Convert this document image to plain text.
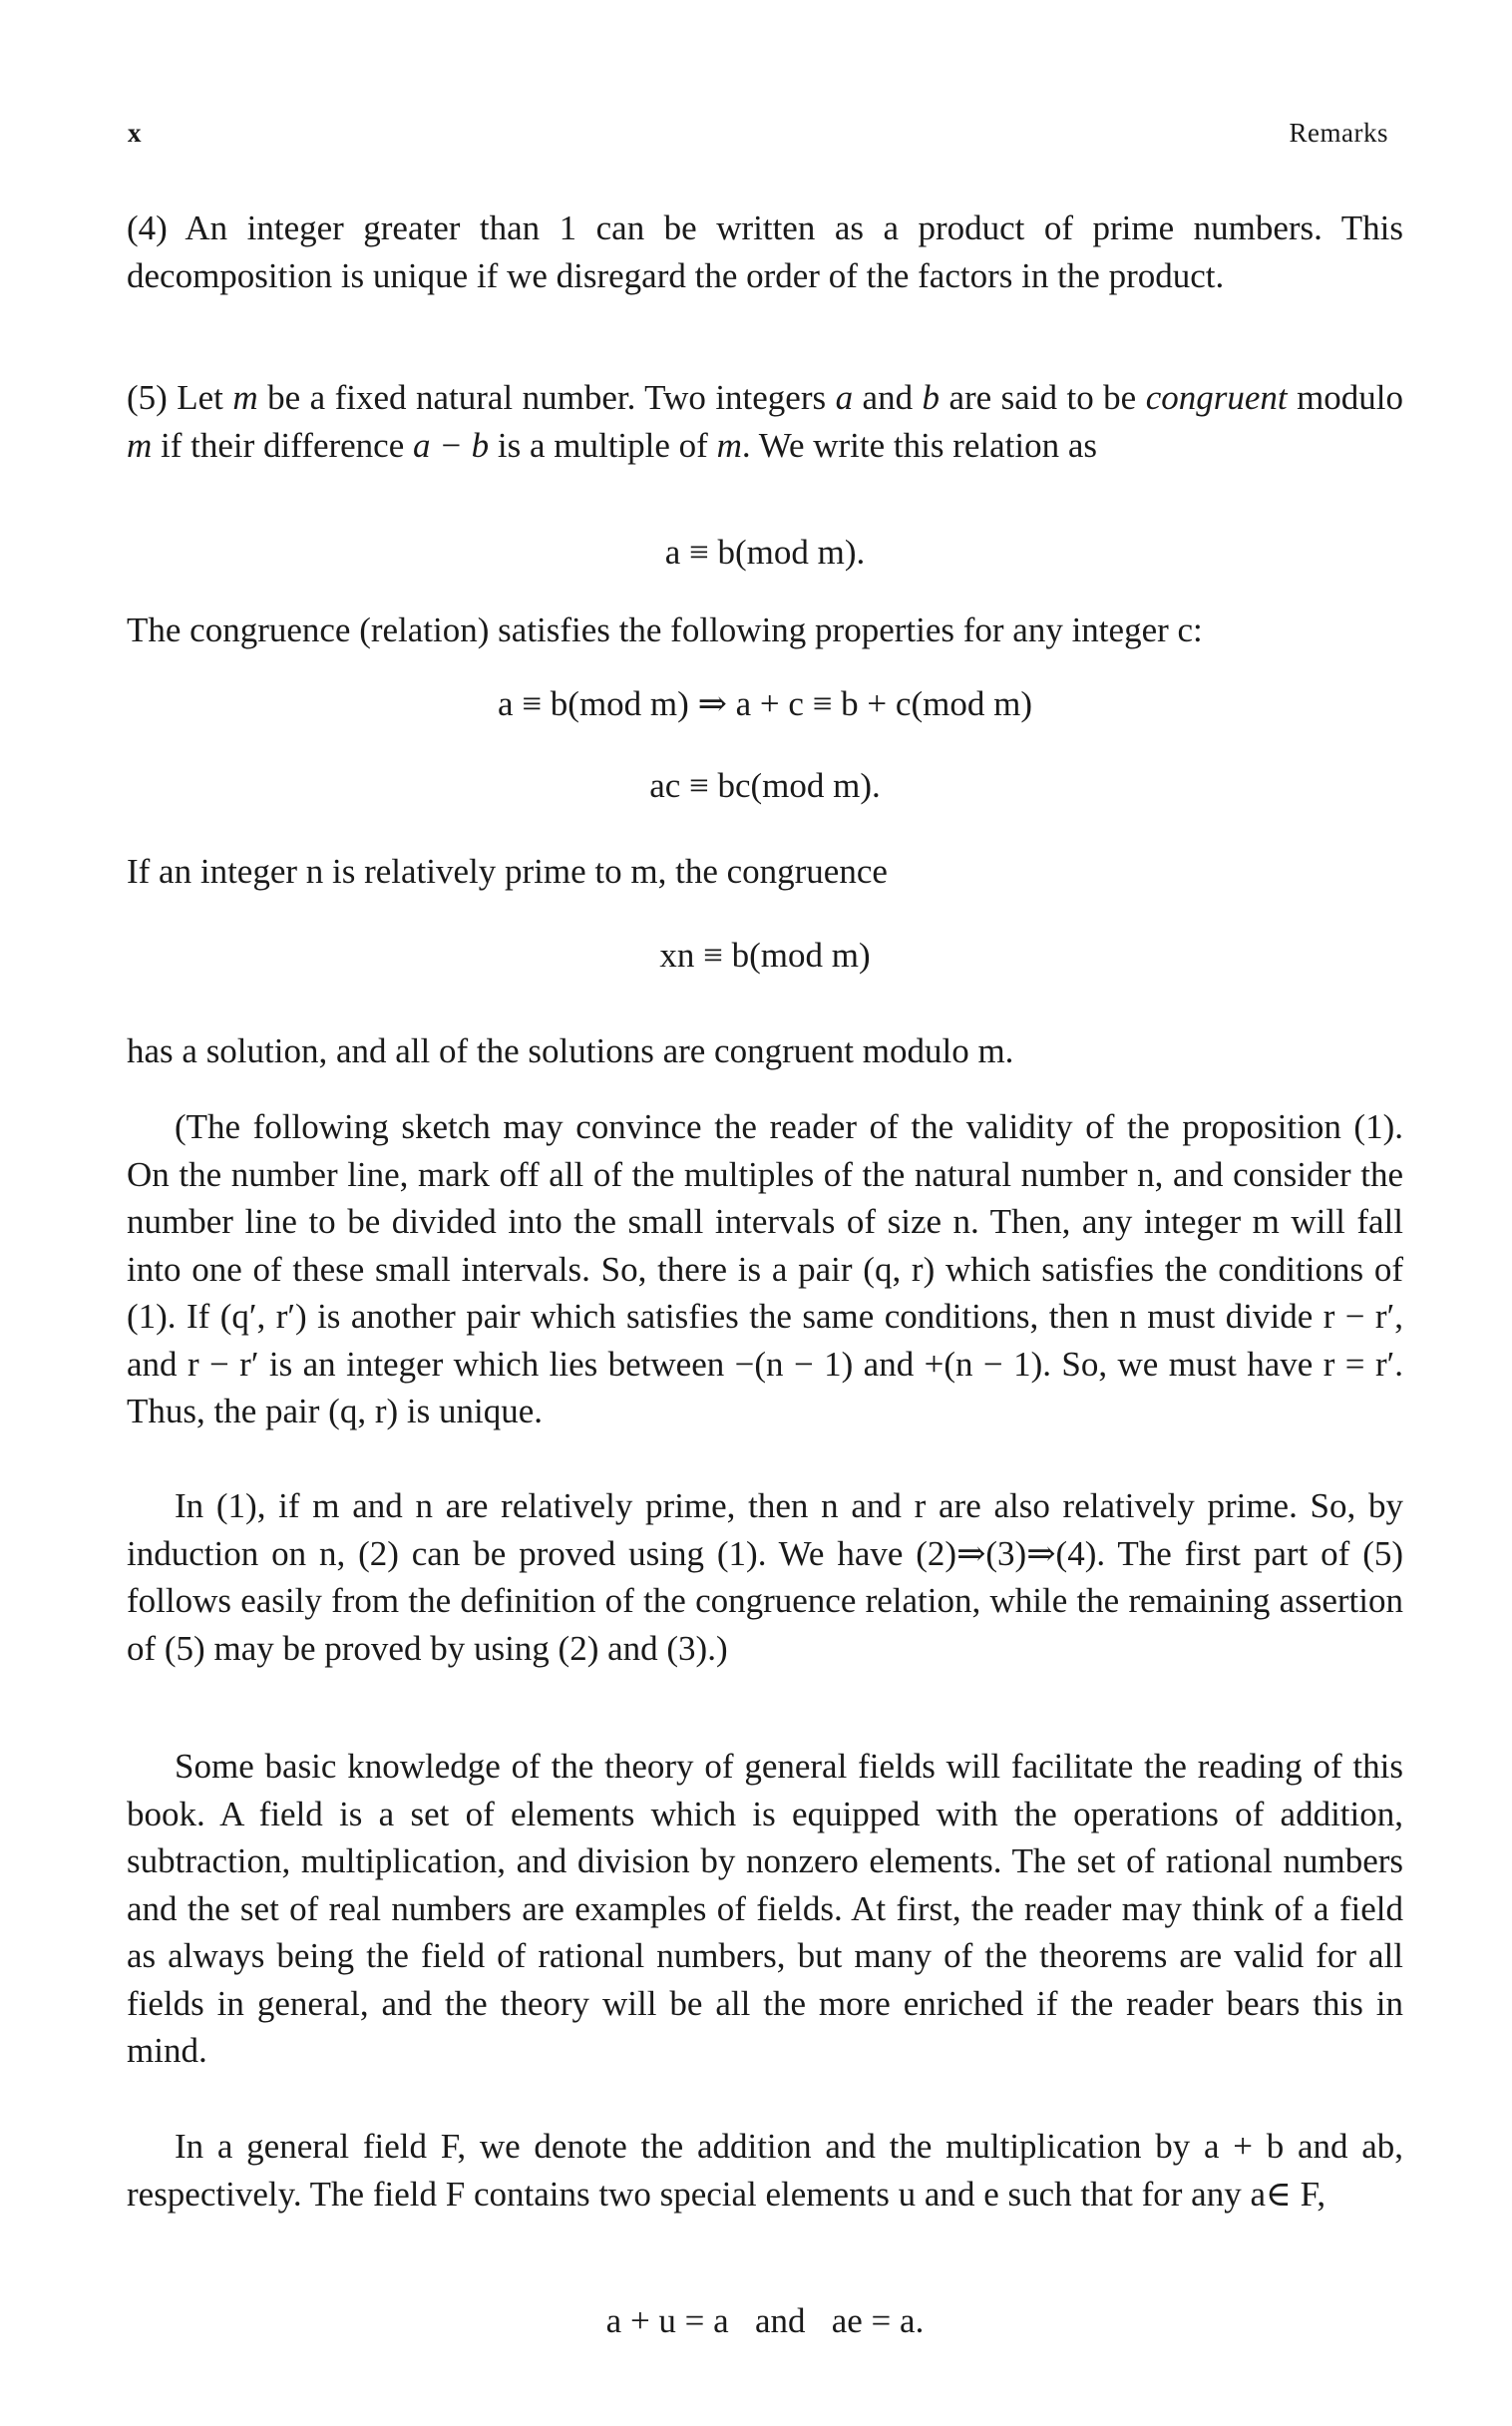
x	Remarks

(4) An integer greater than 1 can be written as a product of prime numbers. This decomposition is unique if we disregard the order of the factors in the product.

(5) Let m be a fixed natural number. Two integers a and b are said to be congruent modulo m if their difference a − b is a multiple of m. We write this relation as

a ≡ b(mod m).

The congruence (relation) satisfies the following properties for any integer c:

a ≡ b(mod m) ⇒ a + c ≡ b + c(mod m)

ac ≡ bc(mod m).

If an integer n is relatively prime to m, the congruence

xn ≡ b(mod m)

has a solution, and all of the solutions are congruent modulo m.

(The following sketch may convince the reader of the validity of the proposition (1). On the number line, mark off all of the multiples of the natural number n, and consider the number line to be divided into the small intervals of size n. Then, any integer m will fall into one of these small intervals. So, there is a pair (q, r) which satisfies the conditions of (1). If (q′, r′) is another pair which satisfies the same conditions, then n must divide r − r′, and r − r′ is an integer which lies between −(n − 1) and +(n − 1). So, we must have r = r′. Thus, the pair (q, r) is unique.

In (1), if m and n are relatively prime, then n and r are also relatively prime. So, by induction on n, (2) can be proved using (1). We have (2)⇒(3)⇒(4). The first part of (5) follows easily from the definition of the congruence relation, while the remaining assertion of (5) may be proved by using (2) and (3).)

Some basic knowledge of the theory of general fields will facilitate the reading of this book. A field is a set of elements which is equipped with the operations of addition, subtraction, multiplication, and division by nonzero elements. The set of rational numbers and the set of real numbers are examples of fields. At first, the reader may think of a field as always being the field of rational numbers, but many of the theorems are valid for all fields in general, and the theory will be all the more enriched if the reader bears this in mind.

In a general field F, we denote the addition and the multiplication by a + b and ab, respectively. The field F contains two special elements u and e such that for any a∈ F,

a + u = a   and   ae = a.
